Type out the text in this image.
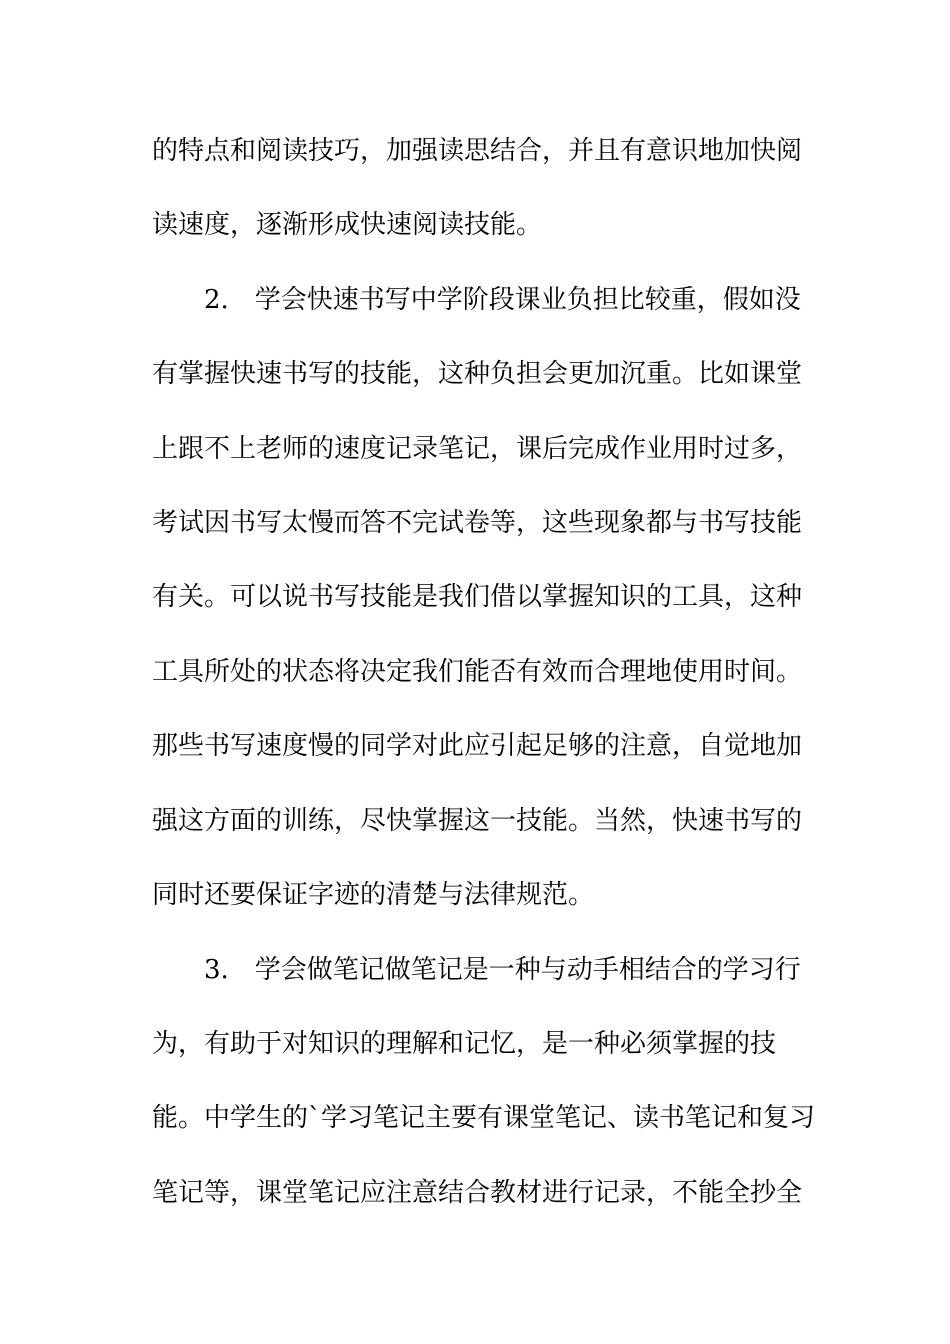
的特点和阅读技巧，加强读思结合，并且有意识地加快阅
读速度，逐渐形成快速阅读技能。
2.　学会快速书写中学阶段课业负担比较重，假如没
有掌握快速书写的技能，这种负担会更加沉重。比如课堂
上跟不上老师的速度记录笔记，课后完成作业用时过多，
考试因书写太慢而答不完试卷等，这些现象都与书写技能
有关。可以说书写技能是我们借以掌握知识的工具，这种
工具所处的状态将决定我们能否有效而合理地使用时间。
那些书写速度慢的同学对此应引起足够的注意，自觉地加
强这方面的训练，尽快掌握这一技能。当然，快速书写的
同时还要保证字迹的清楚与法律规范。
3.　学会做笔记做笔记是一种与动手相结合的学习行
为，有助于对知识的理解和记忆，是一种必须掌握的技
能。中学生的`学习笔记主要有课堂笔记、读书笔记和复习
笔记等，课堂笔记应注意结合教材进行记录，不能全抄全
